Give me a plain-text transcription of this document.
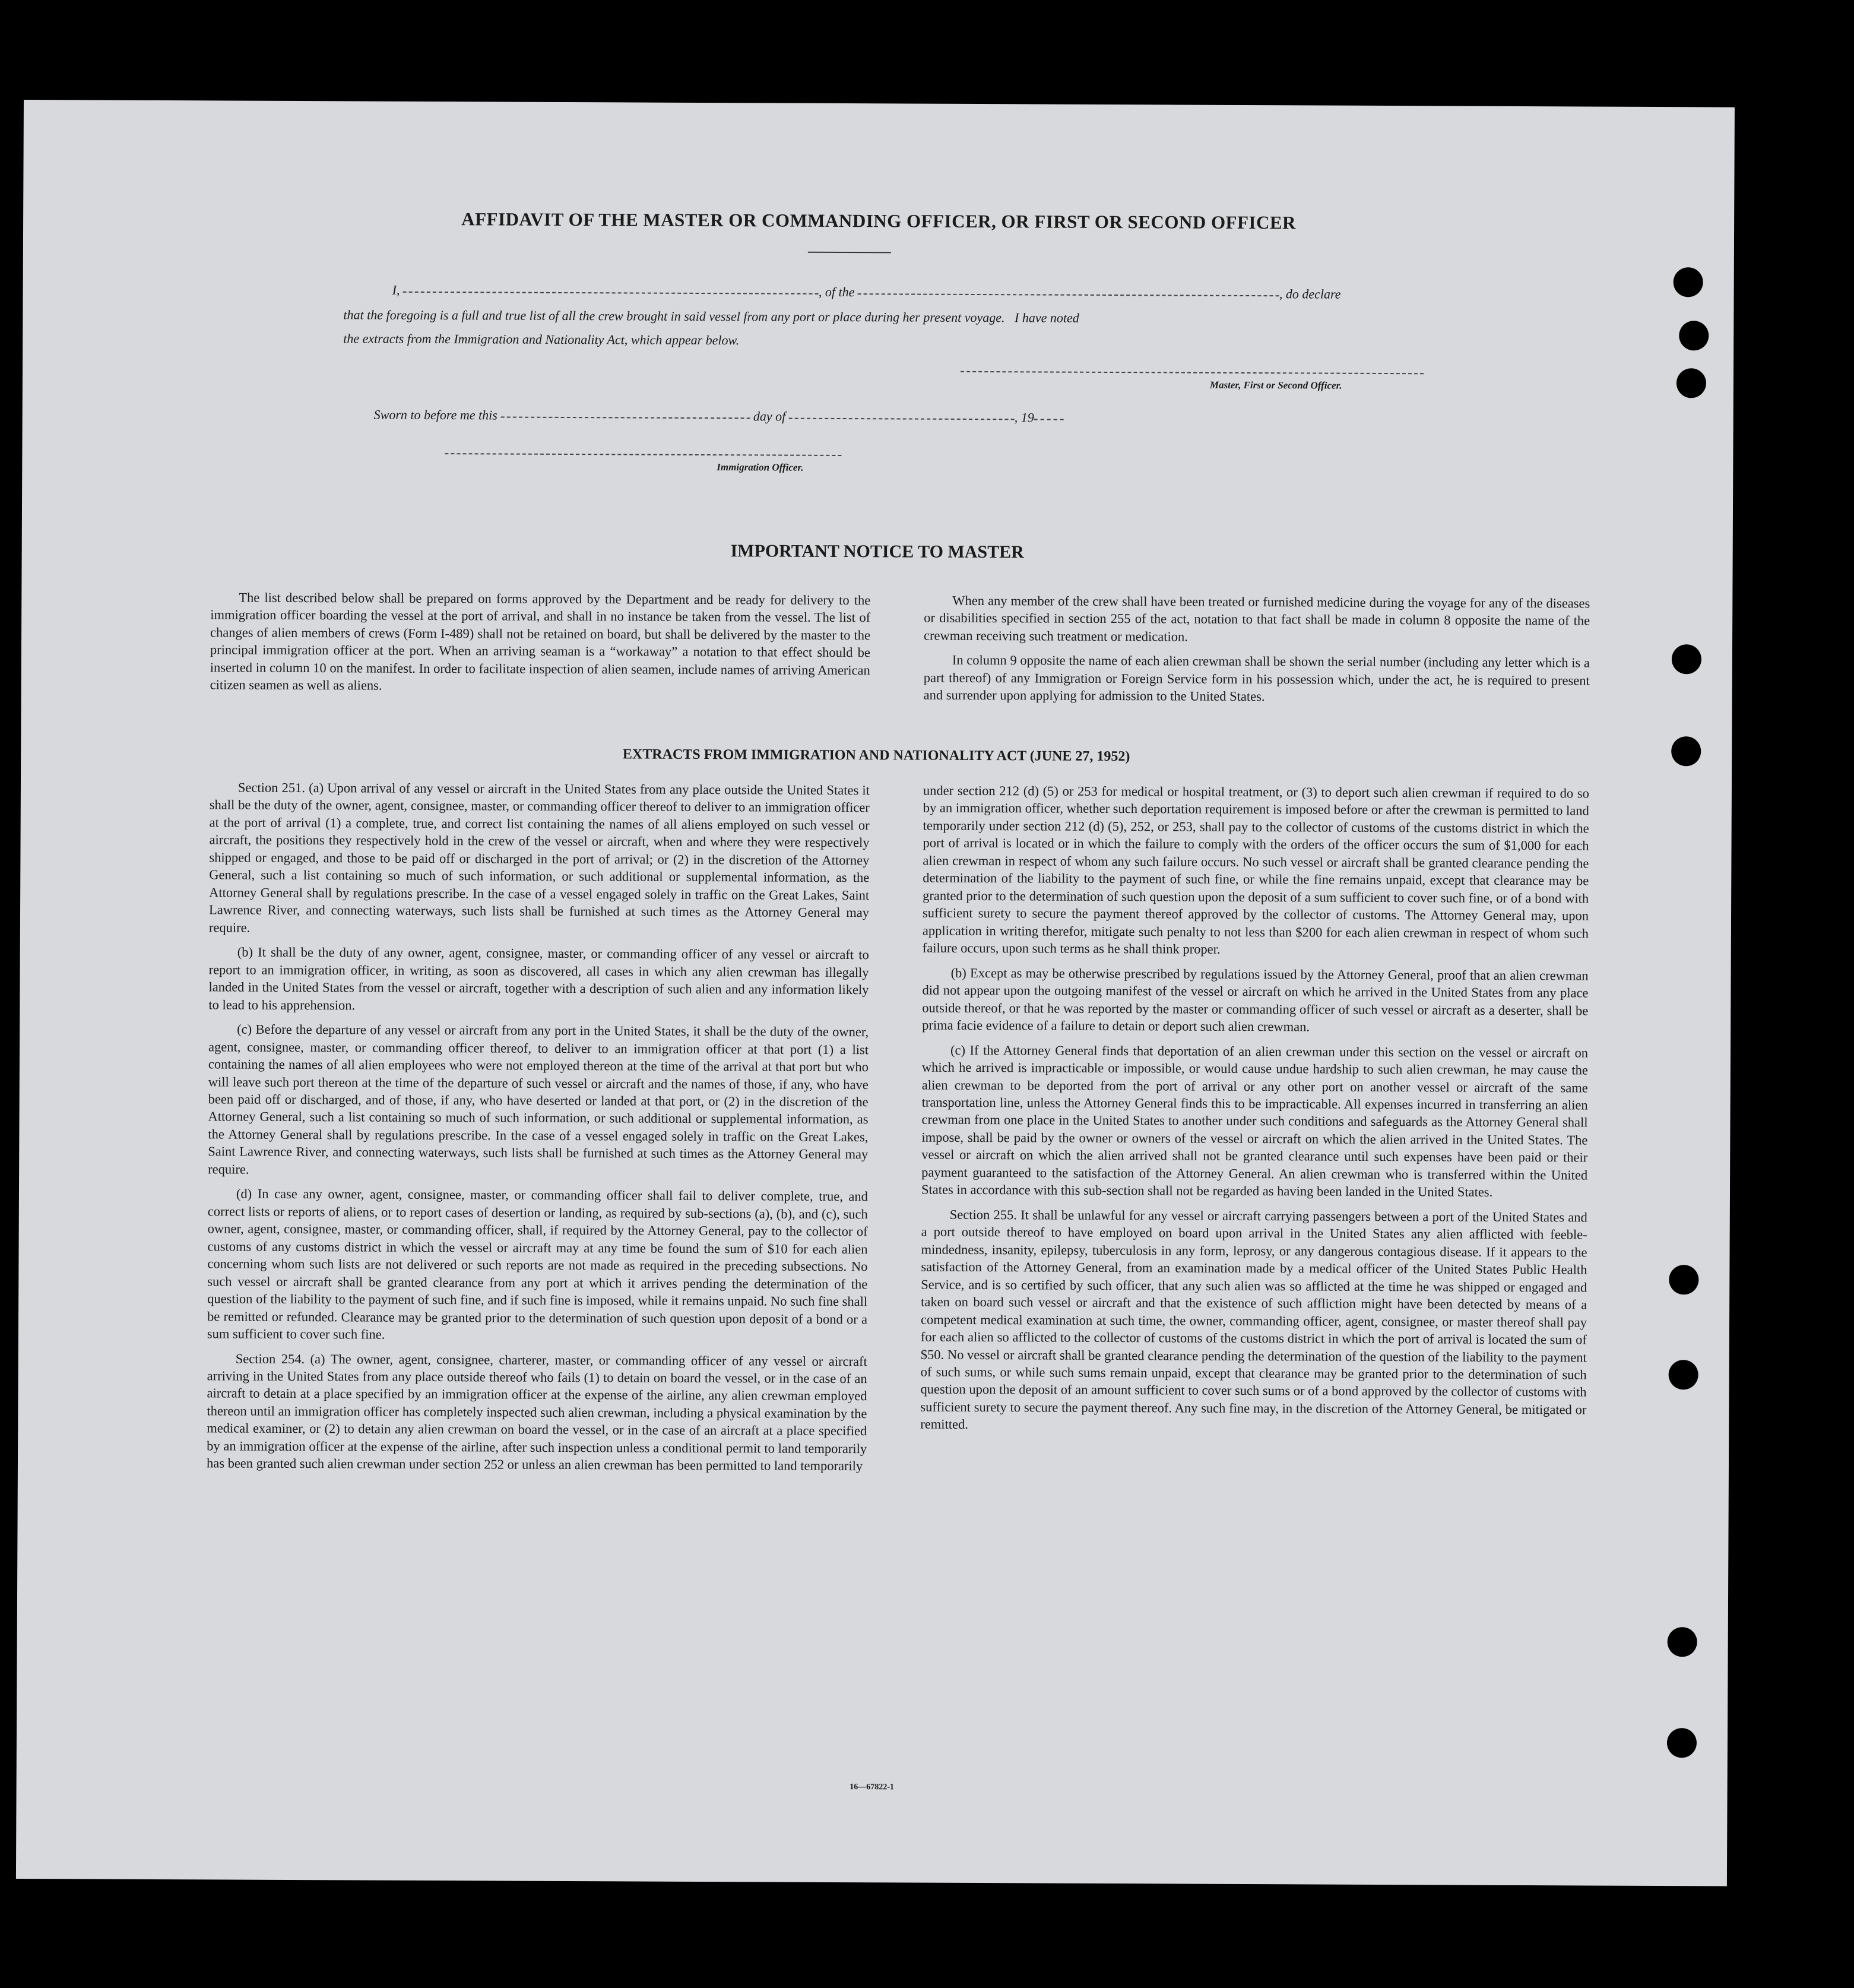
AFFIDAVIT OF THE MASTER OR COMMANDING OFFICER, OR FIRST OR SECOND OFFICER
I,	, of the	, do declare
that the foregoing is a full and true list of all the crew brought in said vessel from any port or place during her present voyage.   I have noted
the extracts from the Immigration and Nationality Act, which appear below.
Master, First or Second Officer.
Sworn to before me this	day of	, 19
Immigration Officer.
IMPORTANT NOTICE TO MASTER

The list described below shall be prepared on forms approved by the Department and be ready for delivery to the immigration officer boarding the vessel at the port of arrival, and shall in no instance be taken from the vessel. The list of changes of alien members of crews (Form I-489) shall not be retained on board, but shall be delivered by the master to the principal immigration officer at the port. When an arriving seaman is a “workaway” a notation to that effect should be inserted in column 10 on the manifest. In order to facilitate inspection of alien seamen, include names of arriving American citizen seamen as well as aliens.

When any member of the crew shall have been treated or furnished medicine during the voyage for any of the diseases or disabilities specified in section 255 of the act, notation to that fact shall be made in column 8 opposite the name of the crewman receiving such treatment or medication.

In column 9 opposite the name of each alien crewman shall be shown the serial number (including any letter which is a part thereof) of any Immigration or Foreign Service form in his possession which, under the act, he is required to present and surrender upon applying for admission to the United States.

EXTRACTS FROM IMMIGRATION AND NATIONALITY ACT (JUNE 27, 1952)

Section 251. (a) Upon arrival of any vessel or aircraft in the United States from any place outside the United States it shall be the duty of the owner, agent, consignee, master, or commanding officer thereof to deliver to an immigration officer at the port of arrival (1) a complete, true, and correct list containing the names of all aliens employed on such vessel or aircraft, the positions they respectively hold in the crew of the vessel or aircraft, when and where they were respectively shipped or engaged, and those to be paid off or discharged in the port of arrival; or (2) in the discretion of the Attorney General, such a list containing so much of such information, or such additional or supplemental information, as the Attorney General shall by regulations prescribe. In the case of a vessel engaged solely in traffic on the Great Lakes, Saint Lawrence River, and connecting waterways, such lists shall be furnished at such times as the Attorney General may require.

(b) It shall be the duty of any owner, agent, consignee, master, or commanding officer of any vessel or aircraft to report to an immigration officer, in writing, as soon as discovered, all cases in which any alien crewman has illegally landed in the United States from the vessel or aircraft, together with a description of such alien and any information likely to lead to his apprehension.

(c) Before the departure of any vessel or aircraft from any port in the United States, it shall be the duty of the owner, agent, consignee, master, or commanding officer thereof, to deliver to an immigration officer at that port (1) a list containing the names of all alien employees who were not employed thereon at the time of the arrival at that port but who will leave such port thereon at the time of the departure of such vessel or aircraft and the names of those, if any, who have been paid off or discharged, and of those, if any, who have deserted or landed at that port, or (2) in the discretion of the Attorney General, such a list containing so much of such information, or such additional or supplemental information, as the Attorney General shall by regulations prescribe. In the case of a vessel engaged solely in traffic on the Great Lakes, Saint Lawrence River, and connecting waterways, such lists shall be furnished at such times as the Attorney General may require.

(d) In case any owner, agent, consignee, master, or commanding officer shall fail to deliver complete, true, and correct lists or reports of aliens, or to report cases of desertion or landing, as required by sub-sections (a), (b), and (c), such owner, agent, consignee, master, or commanding officer, shall, if required by the Attorney General, pay to the collector of customs of any customs district in which the vessel or aircraft may at any time be found the sum of $10 for each alien concerning whom such lists are not delivered or such reports are not made as required in the preceding subsections. No such vessel or aircraft shall be granted clearance from any port at which it arrives pending the determination of the question of the liability to the payment of such fine, and if such fine is imposed, while it remains unpaid. No such fine shall be remitted or refunded. Clearance may be granted prior to the determination of such question upon deposit of a bond or a sum sufficient to cover such fine.

Section 254. (a) The owner, agent, consignee, charterer, master, or commanding officer of any vessel or aircraft arriving in the United States from any place outside thereof who fails (1) to detain on board the vessel, or in the case of an aircraft to detain at a place specified by an immigration officer at the expense of the airline, any alien crewman employed thereon until an immigration officer has completely inspected such alien crewman, including a physical examination by the medical examiner, or (2) to detain any alien crewman on board the vessel, or in the case of an aircraft at a place specified by an immigration officer at the expense of the airline, after such inspection unless a conditional permit to land temporarily has been granted such alien crewman under section 252 or unless an alien crewman has been permitted to land temporarily

under section 212 (d) (5) or 253 for medical or hospital treatment, or (3) to deport such alien crewman if required to do so by an immigration officer, whether such deportation requirement is imposed before or after the crewman is permitted to land temporarily under section 212 (d) (5), 252, or 253, shall pay to the collector of customs of the customs district in which the port of arrival is located or in which the failure to comply with the orders of the officer occurs the sum of $1,000 for each alien crewman in respect of whom any such failure occurs. No such vessel or aircraft shall be granted clearance pending the determination of the liability to the payment of such fine, or while the fine remains unpaid, except that clearance may be granted prior to the determination of such question upon the deposit of a sum sufficient to cover such fine, or of a bond with sufficient surety to secure the payment thereof approved by the collector of customs. The Attorney General may, upon application in writing therefor, mitigate such penalty to not less than $200 for each alien crewman in respect of whom such failure occurs, upon such terms as he shall think proper.

(b) Except as may be otherwise prescribed by regulations issued by the Attorney General, proof that an alien crewman did not appear upon the outgoing manifest of the vessel or aircraft on which he arrived in the United States from any place outside thereof, or that he was reported by the master or commanding officer of such vessel or aircraft as a deserter, shall be prima facie evidence of a failure to detain or deport such alien crewman.

(c) If the Attorney General finds that deportation of an alien crewman under this section on the vessel or aircraft on which he arrived is impracticable or impossible, or would cause undue hardship to such alien crewman, he may cause the alien crewman to be deported from the port of arrival or any other port on another vessel or aircraft of the same transportation line, unless the Attorney General finds this to be impracticable. All expenses incurred in transferring an alien crewman from one place in the United States to another under such conditions and safeguards as the Attorney General shall impose, shall be paid by the owner or owners of the vessel or aircraft on which the alien arrived in the United States. The vessel or aircraft on which the alien arrived shall not be granted clearance until such expenses have been paid or their payment guaranteed to the satisfaction of the Attorney General. An alien crewman who is transferred within the United States in accordance with this sub-section shall not be regarded as having been landed in the United States.

Section 255. It shall be unlawful for any vessel or aircraft carrying passengers between a port of the United States and a port outside thereof to have employed on board upon arrival in the United States any alien afflicted with feeble-mindedness, insanity, epilepsy, tuberculosis in any form, leprosy, or any dangerous contagious disease. If it appears to the satisfaction of the Attorney General, from an examination made by a medical officer of the United States Public Health Service, and is so certified by such officer, that any such alien was so afflicted at the time he was shipped or engaged and taken on board such vessel or aircraft and that the existence of such affliction might have been detected by means of a competent medical examination at such time, the owner, commanding officer, agent, consignee, or master thereof shall pay for each alien so afflicted to the collector of customs of the customs district in which the port of arrival is located the sum of $50. No vessel or aircraft shall be granted clearance pending the determination of the question of the liability to the payment of such sums, or while such sums remain unpaid, except that clearance may be granted prior to the determination of such question upon the deposit of an amount sufficient to cover such sums or of a bond approved by the collector of customs with sufficient surety to secure the payment thereof. Any such fine may, in the discretion of the Attorney General, be mitigated or remitted.

16—67822-1
